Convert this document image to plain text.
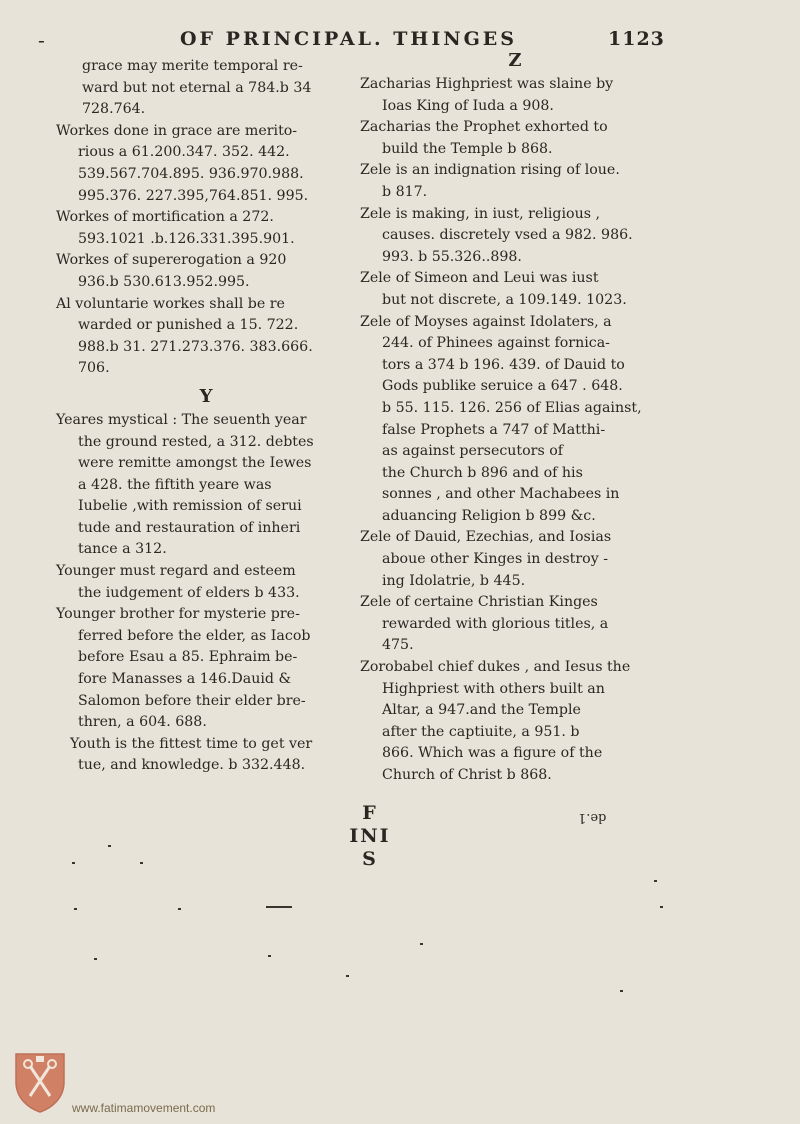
-	OF PRINCIPAL. THINGES	1123
grace may merite temporal re-
ward but not eternal a 784.b 34
728.764.
Workes done in grace are merito-
rious a 61.200.347. 352. 442.
539.567.704.895. 936.970.988.
995.376. 227.395,764.851. 995.
Workes of mortification a 272.
593.1021 .b.126.331.395.901.
Workes of supererogation a 920
936.b 530.613.952.995.
Al voluntarie workes shall be re
warded or punished a 15. 722.
988.b 31. 271.273.376. 383.666.
706.
Y
Yeares mystical : The seuenth year
the ground rested, a 312. debtes
were remitte amongst the Iewes
a 428. the fiftith yeare was
Iubelie ,with remission of serui
tude and restauration of inheri
tance a 312.
Younger must regard and esteem
the iudgement of elders b 433.
Younger brother for mysterie pre-
ferred before the elder, as Iacob
before Esau a 85. Ephraim be-
fore Manasses a 146.Dauid &
Salomon before their elder bre-
thren, a 604. 688.
Youth is the fittest time to get ver
tue, and knowledge. b 332.448.
Z
Zacharias Highpriest was slaine by
Ioas King of Iuda a 908.
Zacharias the Prophet exhorted to
build the Temple b 868.
Zele is an indignation rising of loue.
b 817.
Zele is making, in iust, religious ,
causes. discretely vsed a 982. 986.
993. b 55.326..898.
Zele of Simeon and Leui was iust
but not discrete, a 109.149. 1023.
Zele of Moyses against Idolaters, a
244. of Phinees against fornica-
tors a 374 b 196. 439. of Dauid to
Gods publike seruice a 647 . 648.
b 55. 115. 126. 256 of Elias against,
false Prophets a 747 of Matthi-
as against persecutors of
the Church b 896 and of his
sonnes , and other Machabees in
aduancing Religion b 899 &c.
Zele of Dauid, Ezechias, and Iosias
aboue other Kinges in destroy -
ing Idolatrie, b 445.
Zele of certaine Christian Kinges
rewarded with glorious titles, a
475.
Zorobabel chief dukes , and Iesus the
Highpriest with others built an
Altar, a 947.and the Temple
after the captiuite, a 951. b
866. Which was a figure of the
Church of Christ b 868.
F
INI
S
de.1
www.fatimamovement.com
